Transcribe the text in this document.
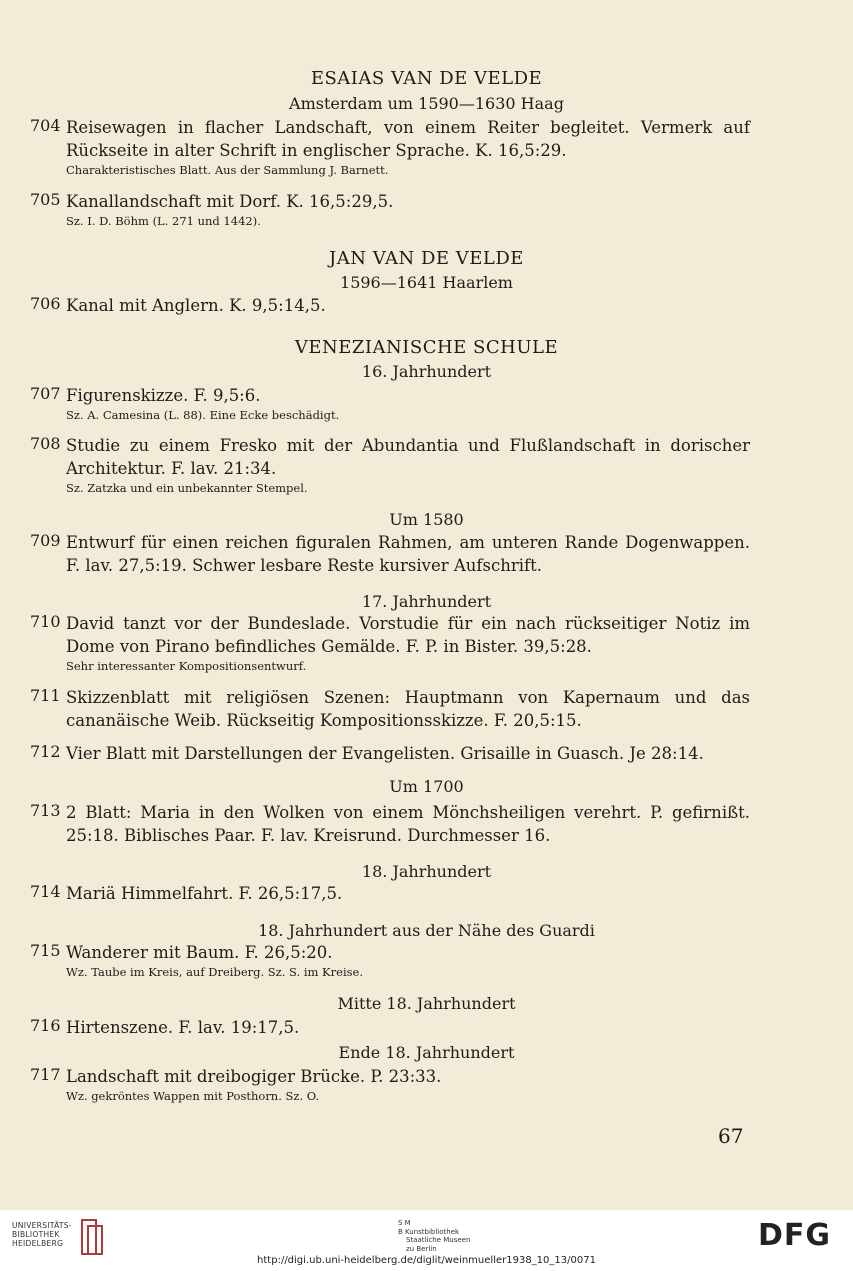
ESAIAS VAN DE VELDE
Amsterdam um 1590—1630 Haag
704 Reisewagen in flacher Landschaft, von einem Reiter begleitet. Vermerk auf Rückseite in alter Schrift in englischer Sprache. K. 16,5:29.
Charakteristisches Blatt. Aus der Sammlung J. Barnett.
705 Kanallandschaft mit Dorf. K. 16,5:29,5.
Sz. I. D. Böhm (L. 271 und 1442).
JAN VAN DE VELDE
1596—1641 Haarlem
706 Kanal mit Anglern. K. 9,5:14,5.
VENEZIANISCHE SCHULE
16. Jahrhundert
707 Figurenskizze. F. 9,5:6.
Sz. A. Camesina (L. 88). Eine Ecke beschädigt.
708 Studie zu einem Fresko mit der Abundantia und Flußlandschaft in dorischer Architektur. F. lav. 21:34.
Sz. Zatzka und ein unbekannter Stempel.
Um 1580
709 Entwurf für einen reichen figuralen Rahmen, am unteren Rande Dogenwappen. F. lav. 27,5:19. Schwer lesbare Reste kursiver Aufschrift.
17. Jahrhundert
710 David tanzt vor der Bundeslade. Vorstudie für ein nach rückseitiger Notiz im Dome von Pirano befindliches Gemälde. F. P. in Bister. 39,5:28.
Sehr interessanter Kompositionsentwurf.
711 Skizzenblatt mit religiösen Szenen: Hauptmann von Kapernaum und das cananäische Weib. Rückseitig Kompositionsskizze. F. 20,5:15.
712 Vier Blatt mit Darstellungen der Evangelisten. Grisaille in Guasch. Je 28:14.
Um 1700
713 2 Blatt: Maria in den Wolken von einem Mönchsheiligen verehrt. P. gefirnißt. 25:18. Biblisches Paar. F. lav. Kreisrund. Durchmesser 16.
18. Jahrhundert
714 Mariä Himmelfahrt. F. 26,5:17,5.
18. Jahrhundert aus der Nähe des Guardi
715 Wanderer mit Baum. F. 26,5:20.
Wz. Taube im Kreis, auf Dreiberg. Sz. S. im Kreise.
Mitte 18. Jahrhundert
716 Hirtenszene. F. lav. 19:17,5.
Ende 18. Jahrhundert
717 Landschaft mit dreibogiger Brücke. P. 23:33.
Wz. gekröntes Wappen mit Posthorn. Sz. O.
67
UNIVERSITÄTS-
BIBLIOTHEK
HEIDELBERG
S M
B Kunstbibliothek
Staatliche Museen
zu Berlin	DFG
http://digi.ub.uni-heidelberg.de/diglit/weinmueller1938_10_13/0071
